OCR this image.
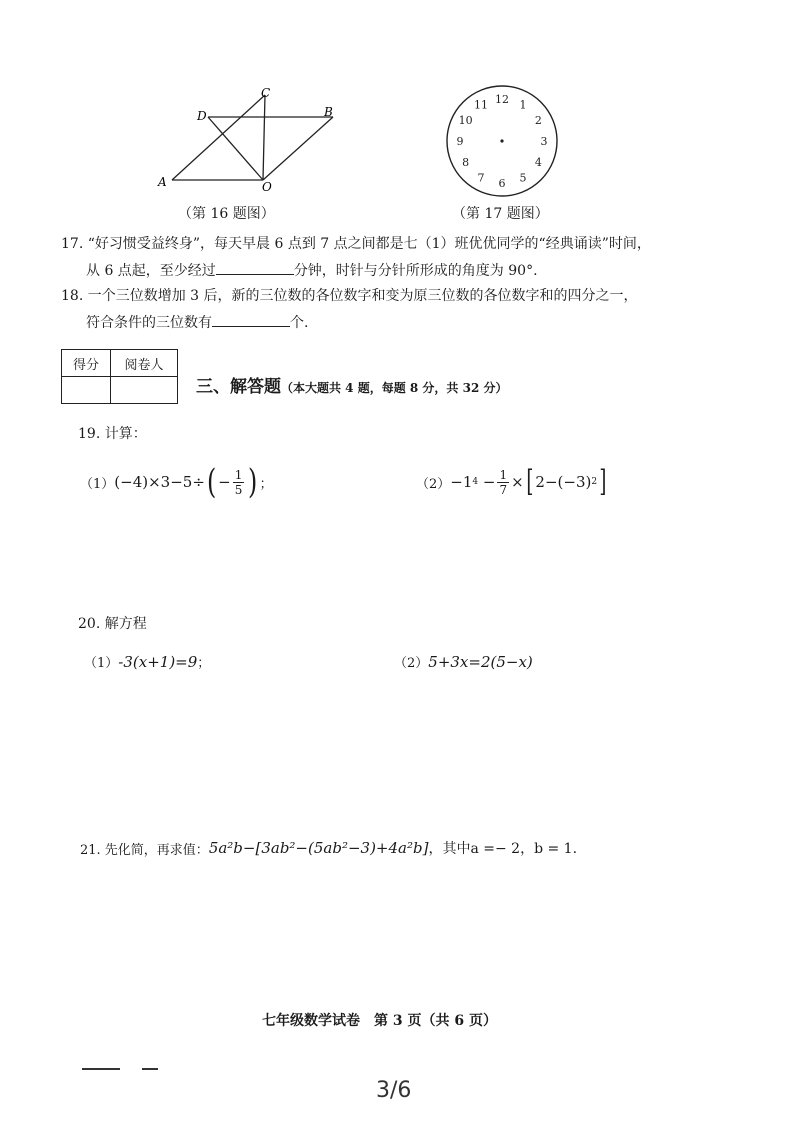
A
D
C
B
O
（第 16 题图）
12 1
2
3
4
5
6
7
8
9
10
11
（第 17 题图）
17. “好习惯受益终身”，每天早晨 6 点到 7 点之间都是七（1）班优优同学的“经典诵读”时间，
从 6 点起，至少经过	分钟，时针与分针所形成的角度为 90°.
18. 一个三位数增加 3 后，新的三位数的各位数字和变为原三位数的各位数字和的四分之一，
符合条件的三位数有	个.
得分	阅卷人

三、解答题（本大题共 4 题，每题 8 分，共 32 分）
19. 计算：
（1） (−4)×3−5÷ ( − $\frac{1}{5}$ ) ；	（2） −1 $4 - \frac{1}{7}$ × [ 2−(−3) 2 ]
20. 解方程
（1） -3(x+1)=9 ；	（2） 5+3x=2(5−x)
21. 先化简，再求值： 5a²b−[3ab²−(5ab²−3)+4a²b] ，其中a =− 2，b = 1.
七年级数学试卷　第 3 页（共 6 页）
3/6
